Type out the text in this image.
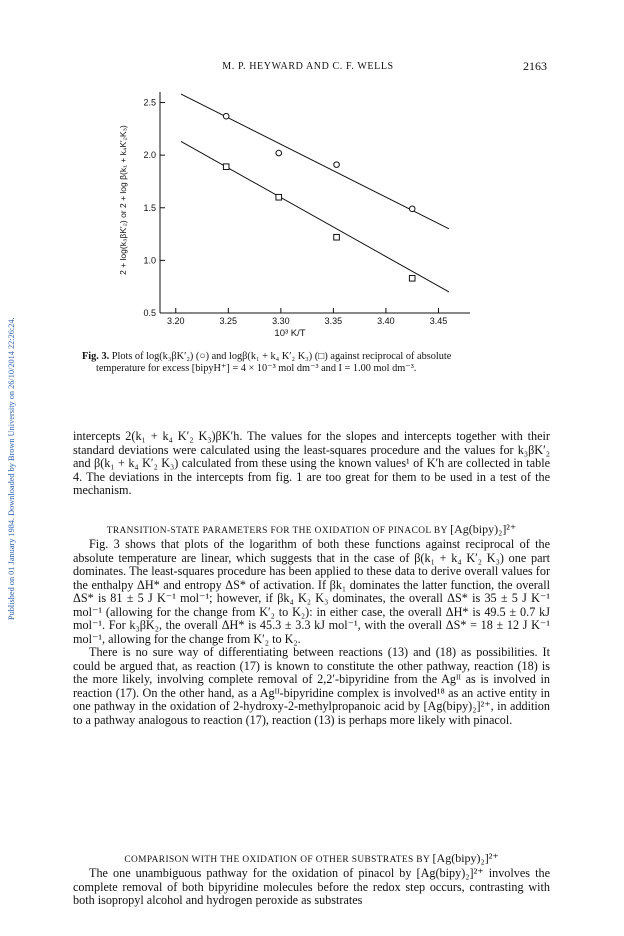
Published on 01 January 1984. Downloaded by Brown University on 26/10/2014 22:26:24.
M. P. HEYWARD AND C. F. WELLS	2163
3.20	3.25	3.30	3.35	3.40	3.45
0.5
1.0
1.5
2.0
2.5
10³ K/T
2 + log(k₃βK′₂) or 2 + log β(k₁ + k₄K′₂K₃)
Fig. 3. Plots of log(k₃βK′₂) (○) and logβ(k₁ + k₄ K′₂ K₃) (□) against reciprocal of absolute
temperature for excess [bipyH⁺] = 4 × 10⁻³ mol dm⁻³ and I = 1.00 mol dm⁻³.

intercepts 2(k₁ + k₄ K′₂ K₃)βK′h. The values for the slopes and intercepts together with their standard deviations were calculated using the least-squares procedure and the values for k₃βK′₂ and β(k₁ + k₄ K′₂ K₃) calculated from these using the known values¹ of K′h are collected in table 4. The deviations in the intercepts from fig. 1 are too great for them to be used in a test of the mechanism.

TRANSITION-STATE PARAMETERS FOR THE OXIDATION OF PINACOL BY [Ag(bipy)₂]²⁺

Fig. 3 shows that plots of the logarithm of both these functions against reciprocal of the absolute temperature are linear, which suggests that in the case of β(k₁ + k₄ K′₂ K₃) one part dominates. The least-squares procedure has been applied to these data to derive overall values for the enthalpy ΔH* and entropy ΔS* of activation. If βk₁ dominates the latter function, the overall ΔS* is 81 ± 5 J K⁻¹ mol⁻¹; however, if βk₄ K₂ K₃ dominates, the overall ΔS* is 35 ± 5 J K⁻¹ mol⁻¹ (allowing for the change from K′₂ to K₂): in either case, the overall ΔH* is 49.5 ± 0.7 kJ mol⁻¹. For k₃βK₂, the overall ΔH* is 45.3 ± 3.3 kJ mol⁻¹, with the overall ΔS* = 18 ± 12 J K⁻¹ mol⁻¹, allowing for the change from K′₂ to K₂.

There is no sure way of differentiating between reactions (13) and (18) as possibilities. It could be argued that, as reaction (17) is known to constitute the other pathway, reaction (18) is the more likely, involving complete removal of 2,2′-bipyridine from the Agᴵᴵ as is involved in reaction (17). On the other hand, as a Agᴵᴵ-bipyridine complex is involved¹⁸ as an active entity in one pathway in the oxidation of 2-hydroxy-2-methylpropanoic acid by [Ag(bipy)₂]²⁺, in addition to a pathway analogous to reaction (17), reaction (13) is perhaps more likely with pinacol.

COMPARISON WITH THE OXIDATION OF OTHER SUBSTRATES BY [Ag(bipy)₂]²⁺

The one unambiguous pathway for the oxidation of pinacol by [Ag(bipy)₂]²⁺ involves the complete removal of both bipyridine molecules before the redox step occurs, contrasting with both isopropyl alcohol and hydrogen peroxide as substrates
